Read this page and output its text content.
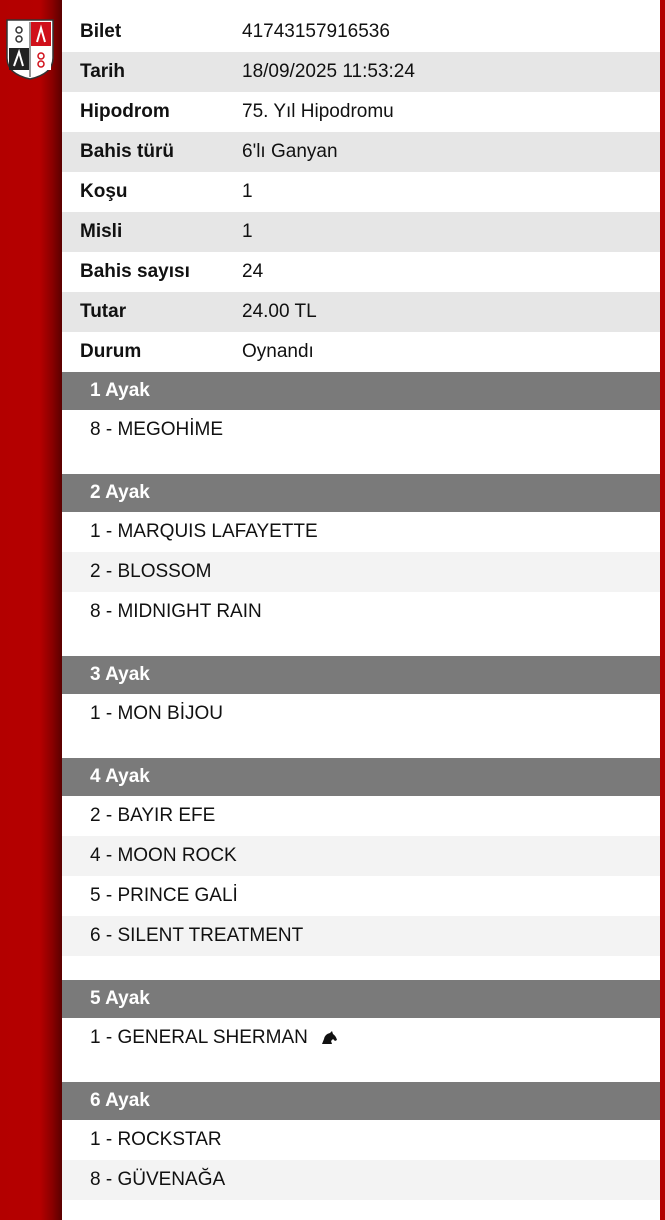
Bilet	41743157916536
Tarih	18/09/2025 11:53:24
Hipodrom	75. Yıl Hipodromu
Bahis türü	6'lı Ganyan
Koşu	1
Misli	1
Bahis sayısı	24
Tutar	24.00 TL
Durum	Oynandı
1 Ayak
8 - MEGOHİME
2 Ayak
1 - MARQUIS LAFAYETTE
2 - BLOSSOM
8 - MIDNIGHT RAIN
3 Ayak
1 - MON BİJOU
4 Ayak
2 - BAYIR EFE
4 - MOON ROCK
5 - PRINCE GALİ
6 - SILENT TREATMENT
5 Ayak
1 - GENERAL SHERMAN
6 Ayak
1 - ROCKSTAR
8 - GÜVENAĞA
